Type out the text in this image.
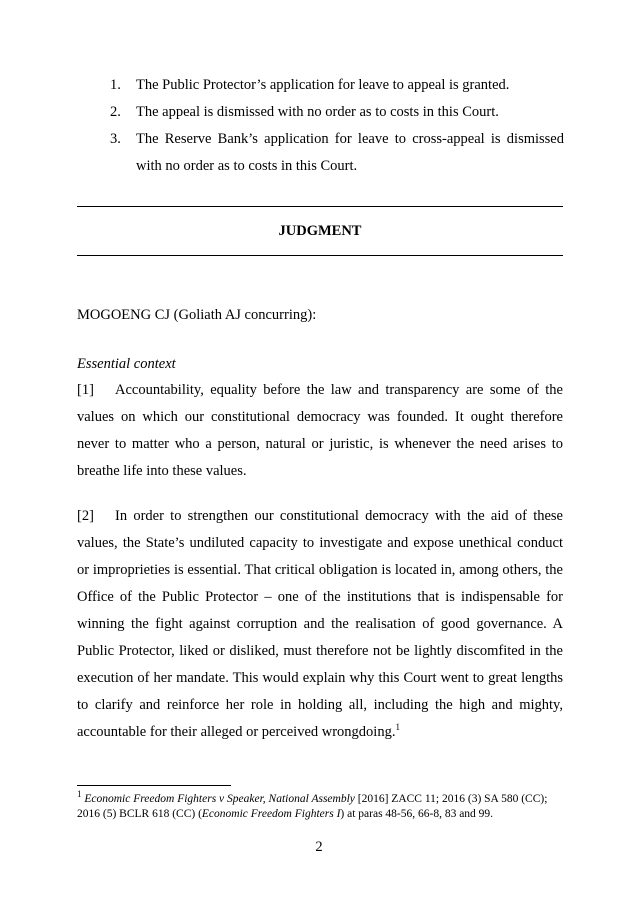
1.	The Public Protector’s application for leave to appeal is granted.
2.	The appeal is dismissed with no order as to costs in this Court.
3.	The Reserve Bank’s application for leave to cross-appeal is dismissed with no order as to costs in this Court.
JUDGMENT
MOGOENG CJ (Goliath AJ concurring):
Essential context

[1] Accountability, equality before the law and transparency are some of the values on which our constitutional democracy was founded. It ought therefore never to matter who a person, natural or juristic, is whenever the need arises to breathe life into these values.

[2] In order to strengthen our constitutional democracy with the aid of these values, the State’s undiluted capacity to investigate and expose unethical conduct or improprieties is essential. That critical obligation is located in, among others, the Office of the Public Protector – one of the institutions that is indispensable for winning the fight against corruption and the realisation of good governance. A Public Protector, liked or disliked, must therefore not be lightly discomfited in the execution of her mandate. This would explain why this Court went to great lengths to clarify and reinforce her role in holding all, including the high and mighty, accountable for their alleged or perceived wrongdoing.$^1$

$^1$ Economic Freedom Fighters v Speaker, National Assembly [2016] ZACC 11; 2016 (3) SA 580 (CC); 2016 (5) BCLR 618 (CC) (Economic Freedom Fighters I) at paras 48-56, 66-8, 83 and 99.
2
